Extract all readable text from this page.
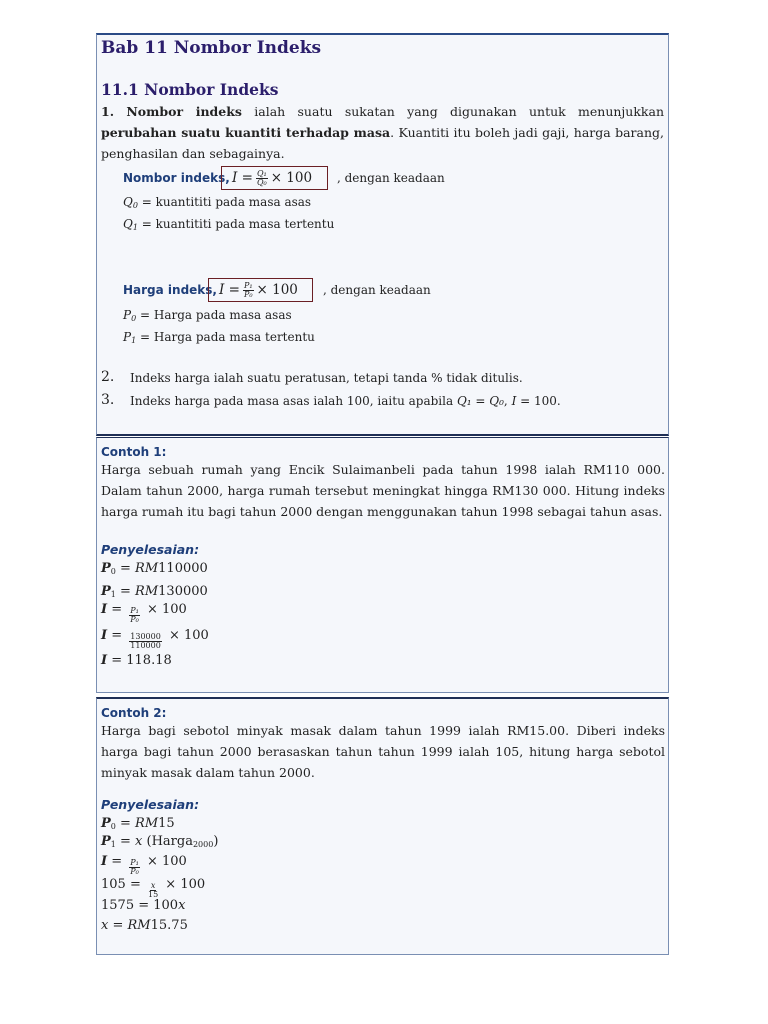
Bab 11 Nombor Indeks
11.1 Nombor Indeks
1. Nombor indeks ialah suatu sukatan yang digunakan untuk menunjukkan perubahan suatu kuantiti terhadap masa. Kuantiti itu boleh jadi gaji, harga barang, penghasilan dan sebagainya.
Nombor indeks, $I = \frac{\text{Q₁}}{\text{Q₀}} \times 100$ , dengan keadaan
$Q_0$ = kuantititi pada masa asas
$Q_1$ = kuantititi pada masa tertentu
Harga indeks, $I = \frac{\text{P₁}}{\text{P₀}} \times 100$ , dengan keadaan
$P_0$ = Harga pada masa asas
$P_1$ = Harga pada masa tertentu
2. Indeks harga ialah suatu peratusan, tetapi tanda % tidak ditulis.
3. Indeks harga pada masa asas ialah 100, iaitu apabila Q₁ = Q₀, I = 100.
Contoh 1:
Harga sebuah rumah yang Encik Sulaimanbeli pada tahun 1998 ialah RM110 000. Dalam tahun 2000, harga rumah tersebut meningkat hingga RM130 000. Hitung indeks harga rumah itu bagi tahun 2000 dengan menggunakan tahun 1998 sebagai tahun asas.
Penyelesaian:
$P_0 = RM110000$
$P_1 = RM130000$
$I = \frac{\text{P₁}}{\text{P₀}} \times 100$
$I = \frac{130000}{110000} \times 100$
I = 118.18
Contoh 2:
Harga bagi sebotol minyak masak dalam tahun 1999 ialah RM15.00. Diberi indeks harga bagi tahun 2000 berasaskan tahun tahun 1999 ialah 105, hitung harga sebotol minyak masak dalam tahun 2000.
Penyelesaian:
$P_0 = RM15$
$P_1 = x$ (Harga$_{2000}$)
$I = \frac{\text{P₁}}{\text{P₀}} \times 100$
$105 = \frac{x}{15} \times 100$
1575 = 100x
x = RM15.75
